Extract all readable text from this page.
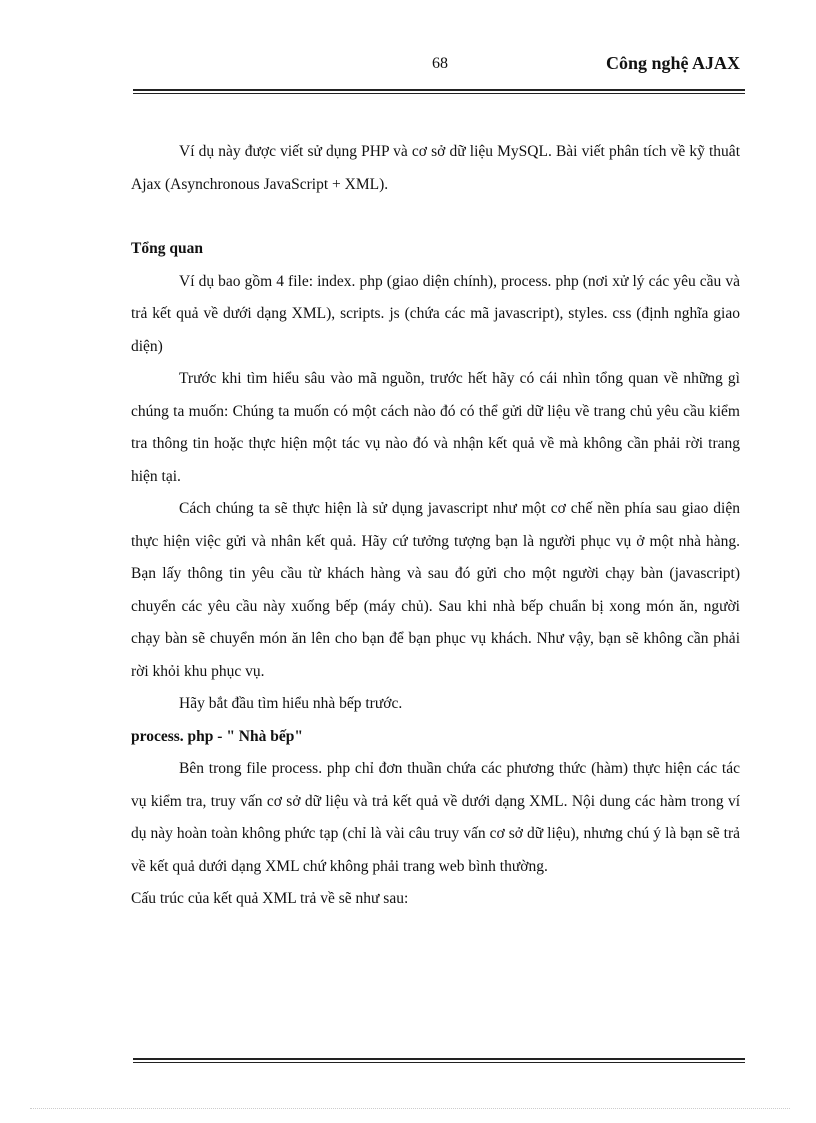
68	Công nghệ AJAX

Ví dụ này được viết sử dụng PHP và cơ sở dữ liệu MySQL. Bài viết phân tích về kỹ thuât Ajax (Asynchronous JavaScript + XML).

Tổng quan

Ví dụ bao gồm 4 file: index. php (giao diện chính), process. php (nơi xử lý các yêu cầu và trả kết quả về dưới dạng XML), scripts. js (chứa các mã javascript), styles. css (định nghĩa giao diện)

Trước khi tìm hiểu sâu vào mã nguồn, trước hết hãy có cái nhìn tổng quan về những gì chúng ta muốn: Chúng ta muốn có một cách nào đó có thể gửi dữ liệu về trang chủ yêu cầu kiểm tra thông tin hoặc thực hiện một tác vụ nào đó và nhận kết quả về mà không cần phải rời trang hiện tại.

Cách chúng ta sẽ thực hiện là sử dụng javascript như một cơ chế nền phía sau giao diện thực hiện việc gửi và nhân kết quả. Hãy cứ tưởng tượng bạn là người phục vụ ở một nhà hàng. Bạn lấy thông tin yêu cầu từ khách hàng và sau đó gửi cho một người chạy bàn (javascript) chuyển các yêu cầu này xuống bếp (máy chủ). Sau khi nhà bếp chuẩn bị xong món ăn, người chạy bàn sẽ chuyển món ăn lên cho bạn để bạn phục vụ khách. Như vậy, bạn sẽ không cần phải rời khỏi khu phục vụ.

Hãy bắt đầu tìm hiểu nhà bếp trước.

process. php - " Nhà bếp"

Bên trong file process. php chỉ đơn thuần chứa các phương thức (hàm) thực hiện các tác vụ kiểm tra, truy vấn cơ sở dữ liệu và trả kết quả về dưới dạng XML. Nội dung các hàm trong ví dụ này hoàn toàn không phức tạp (chỉ là vài câu truy vấn cơ sở dữ liệu), nhưng chú ý là bạn sẽ trả về kết quả dưới dạng XML chứ không phải trang web bình thường.

Cấu trúc của kết quả XML trả về sẽ như sau:
